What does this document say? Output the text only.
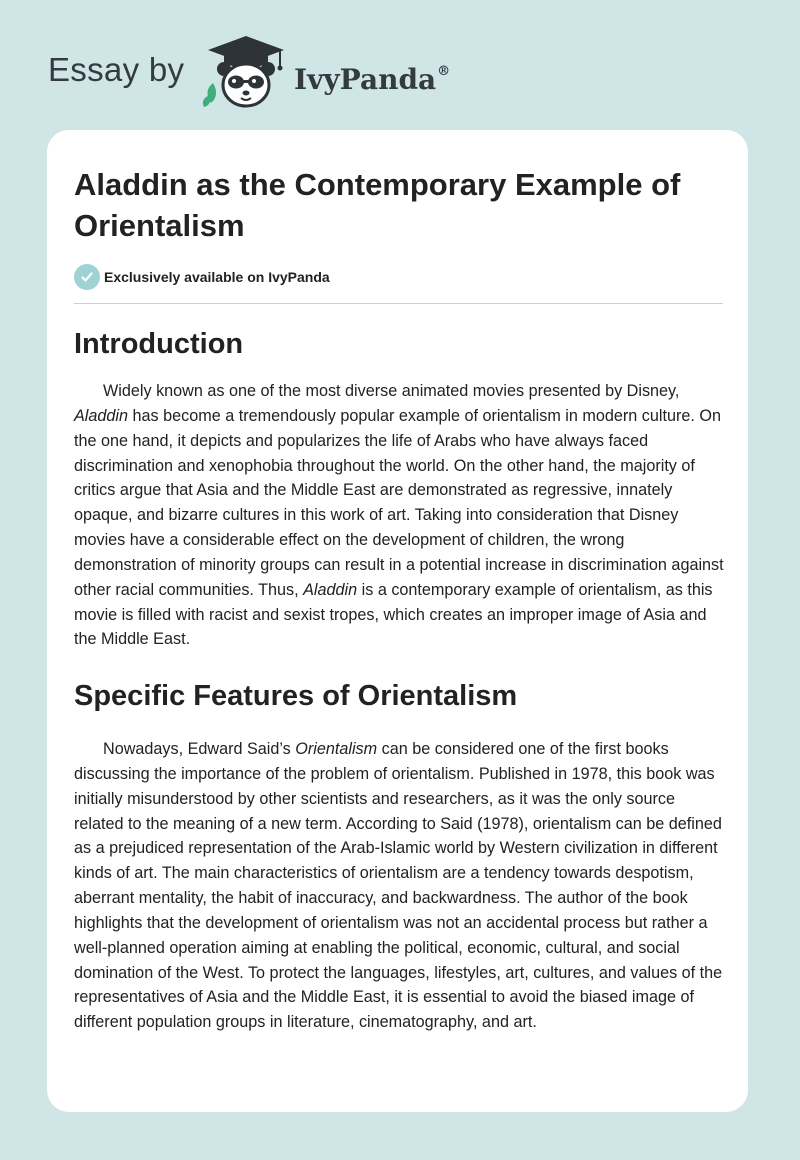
Essay by	IvyPanda®
Aladdin as the Contemporary Example of Orientalism
Exclusively available on IvyPanda
Introduction

Widely known as one of the most diverse animated movies presented by Disney, Aladdin has become a tremendously popular example of orientalism in modern culture. On the one hand, it depicts and popularizes the life of Arabs who have always faced discrimination and xenophobia throughout the world. On the other hand, the majority of critics argue that Asia and the Middle East are demonstrated as regressive, innately opaque, and bizarre cultures in this work of art. Taking into consideration that Disney movies have a considerable effect on the development of children, the wrong demonstration of minority groups can result in a potential increase in discrimination against other racial communities. Thus, Aladdin is a contemporary example of orientalism, as this movie is filled with racist and sexist tropes, which creates an improper image of Asia and the Middle East.

Specific Features of Orientalism

Nowadays, Edward Said’s Orientalism can be considered one of the first books discussing the importance of the problem of orientalism. Published in 1978, this book was initially misunderstood by other scientists and researchers, as it was the only source related to the meaning of a new term. According to Said (1978), orientalism can be defined as a prejudiced representation of the Arab-Islamic world by Western civilization in different kinds of art. The main characteristics of orientalism are a tendency towards despotism, aberrant mentality, the habit of inaccuracy, and backwardness. The author of the book highlights that the development of orientalism was not an accidental process but rather a well-planned operation aiming at enabling the political, economic, cultural, and social domination of the West. To protect the languages, lifestyles, art, cultures, and values of the representatives of Asia and the Middle East, it is essential to avoid the biased image of different population groups in literature, cinematography, and art.
